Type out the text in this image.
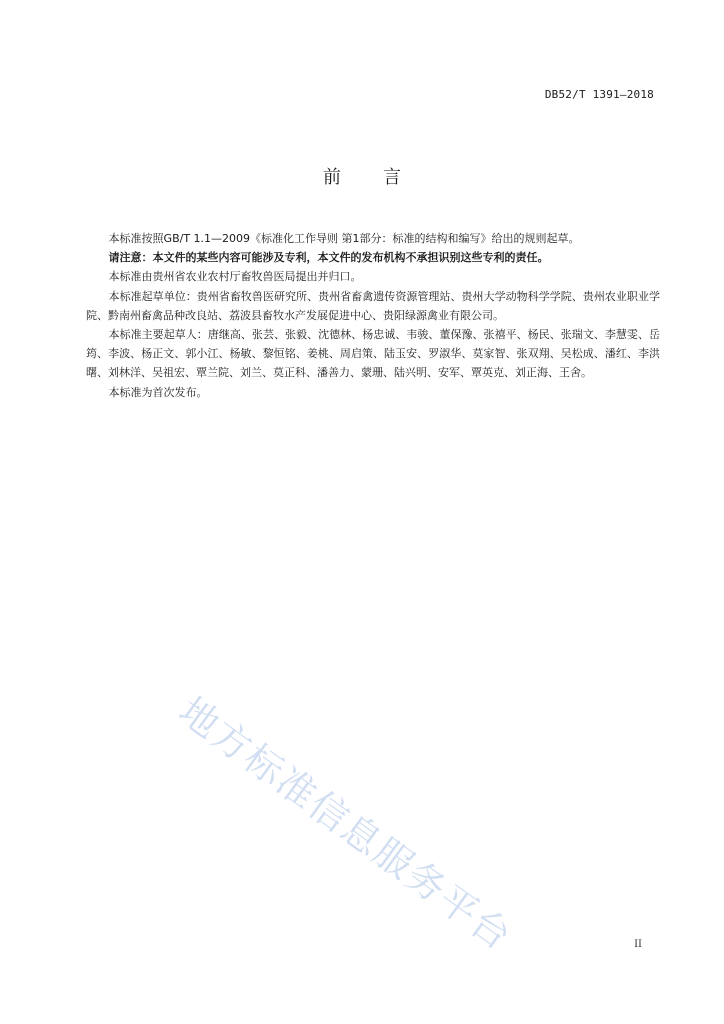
DB52/T 1391—2018
前 言

本标准按照GB/T 1.1—2009《标准化工作导则 第1部分：标准的结构和编写》给出的规则起草。

请注意：本文件的某些内容可能涉及专利，本文件的发布机构不承担识别这些专利的责任。

本标准由贵州省农业农村厅畜牧兽医局提出并归口。

本标准起草单位：贵州省畜牧兽医研究所、贵州省畜禽遗传资源管理站、贵州大学动物科学学院、贵州农业职业学院、黔南州畜禽品种改良站、荔波县畜牧水产发展促进中心、贵阳绿源禽业有限公司。

本标准主要起草人：唐继高、张芸、张毅、沈德林、杨忠诚、韦骏、董保豫、张禧平、杨民、张瑞文、李慧雯、岳筠、李波、杨正文、郭小江、杨敏、黎恒铭、姜桃、周启策、陆玉安、罗淑华、莫家智、张双翔、吴松成、潘红、李洪曙、刘林洋、吴祖宏、覃兰院、刘兰、莫正科、潘善力、蒙珊、陆兴明、安军、覃英克、刘正海、王舍。

本标准为首次发布。

地方标准信息服务平台	II
